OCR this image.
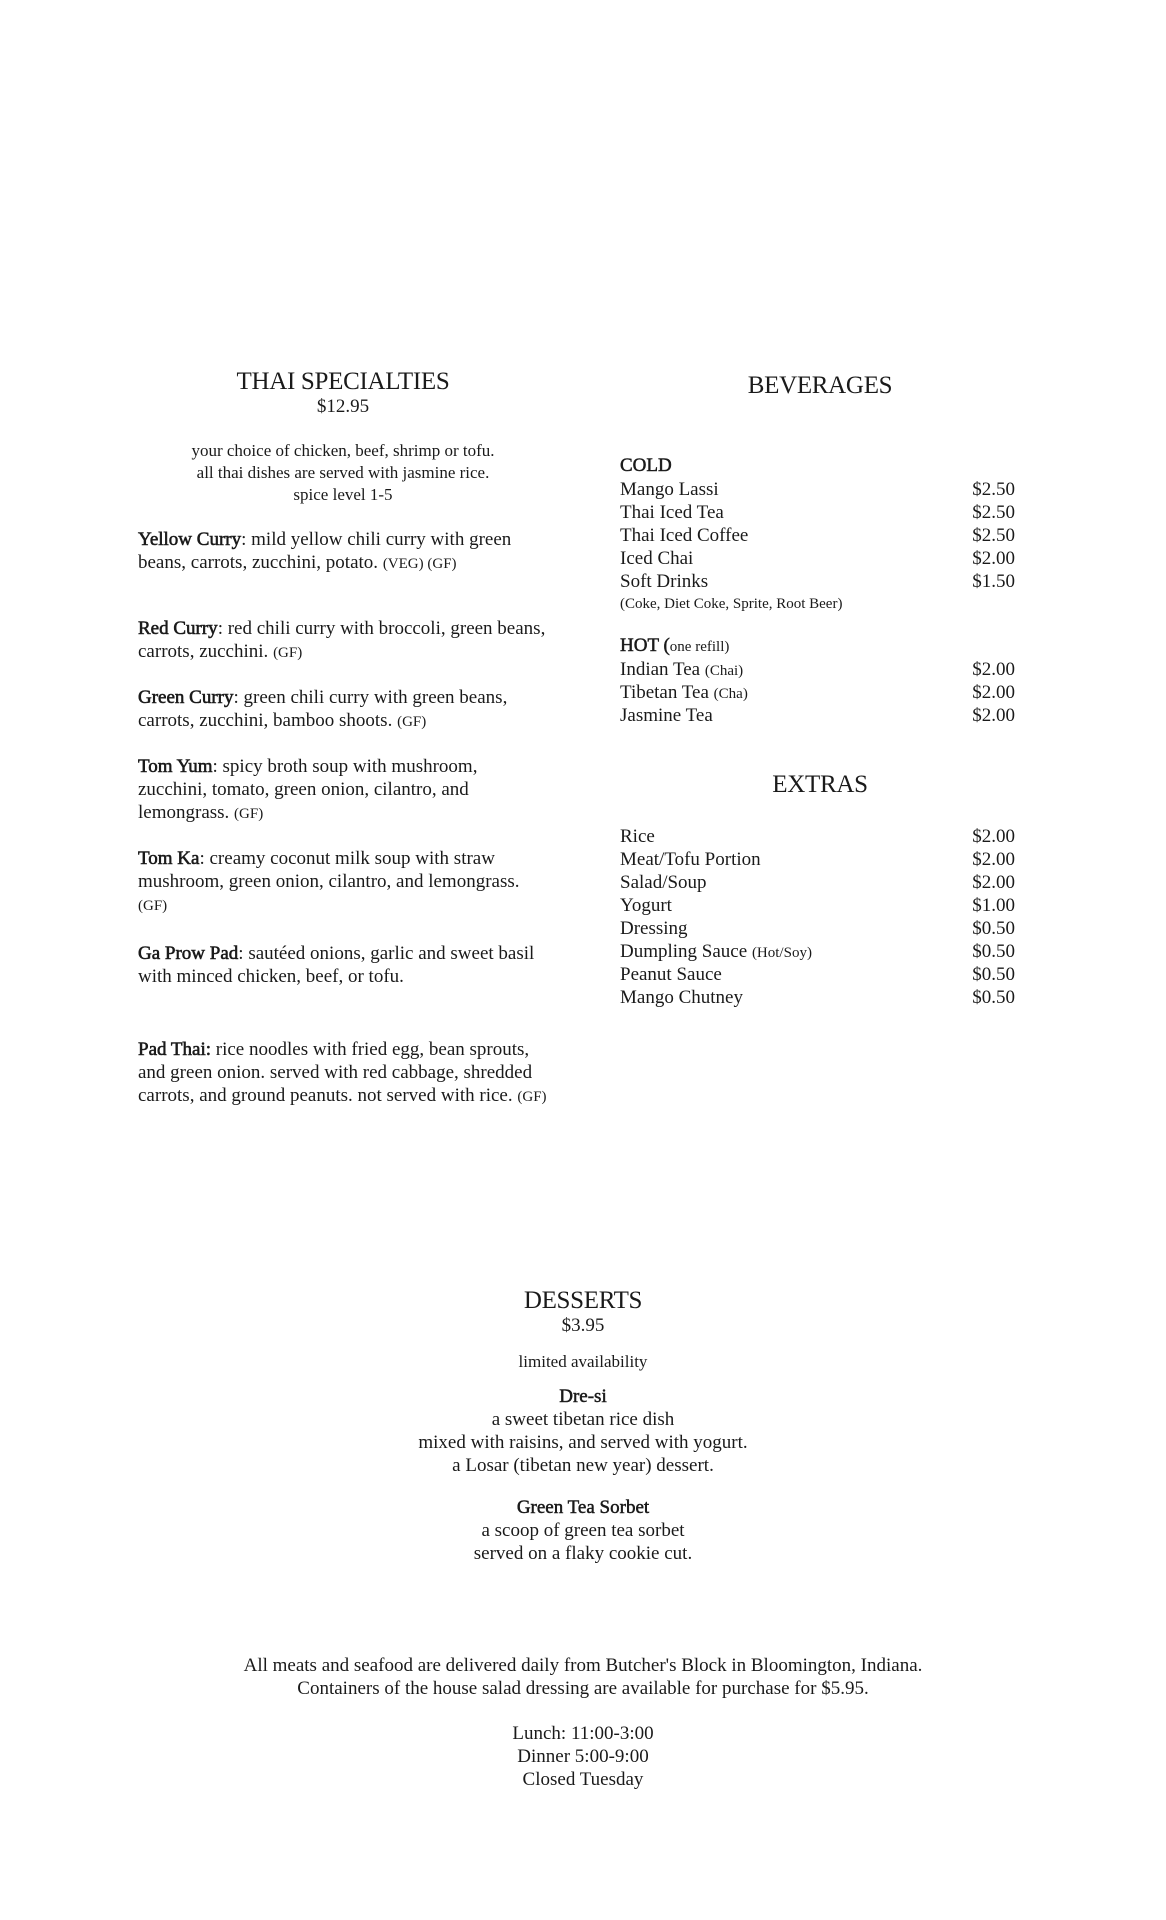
THAI SPECIALTIES
$12.95
your choice of chicken, beef, shrimp or tofu.
all thai dishes are served with jasmine rice.
spice level 1-5
Yellow Curry: mild yellow chili curry with green beans, carrots, zucchini, potato. (VEG) (GF)
Red Curry: red chili curry with broccoli, green beans, carrots, zucchini. (GF)
Green Curry: green chili curry with green beans, carrots, zucchini, bamboo shoots. (GF)
Tom Yum: spicy broth soup with mushroom, zucchini, tomato, green onion, cilantro, and lemongrass. (GF)
Tom Ka: creamy coconut milk soup with straw mushroom, green onion, cilantro, and lemongrass. (GF)
Ga Prow Pad: sautéed onions, garlic and sweet basil with minced chicken, beef, or tofu.
Pad Thai: rice noodles with fried egg, bean sprouts, and green onion. served with red cabbage, shredded carrots, and ground peanuts. not served with rice. (GF)
BEVERAGES
COLD
Mango Lassi	$2.50
Thai Iced Tea	$2.50
Thai Iced Coffee	$2.50
Iced Chai	$2.00
Soft Drinks	$1.50
(Coke, Diet Coke, Sprite, Root Beer)
HOT (one refill)
Indian Tea (Chai)	$2.00
Tibetan Tea (Cha)	$2.00
Jasmine Tea	$2.00
EXTRAS
Rice	$2.00
Meat/Tofu Portion	$2.00
Salad/Soup	$2.00
Yogurt	$1.00
Dressing	$0.50
Dumpling Sauce (Hot/Soy)	$0.50
Peanut Sauce	$0.50
Mango Chutney	$0.50
DESSERTS
$3.95
limited availability
Dre-si
a sweet tibetan rice dish
mixed with raisins, and served with yogurt.
a Losar (tibetan new year) dessert.
Green Tea Sorbet
a scoop of green tea sorbet
served on a flaky cookie cut.
All meats and seafood are delivered daily from Butcher's Block in Bloomington, Indiana.
Containers of the house salad dressing are available for purchase for $5.95.
Lunch: 11:00-3:00
Dinner 5:00-9:00
Closed Tuesday
